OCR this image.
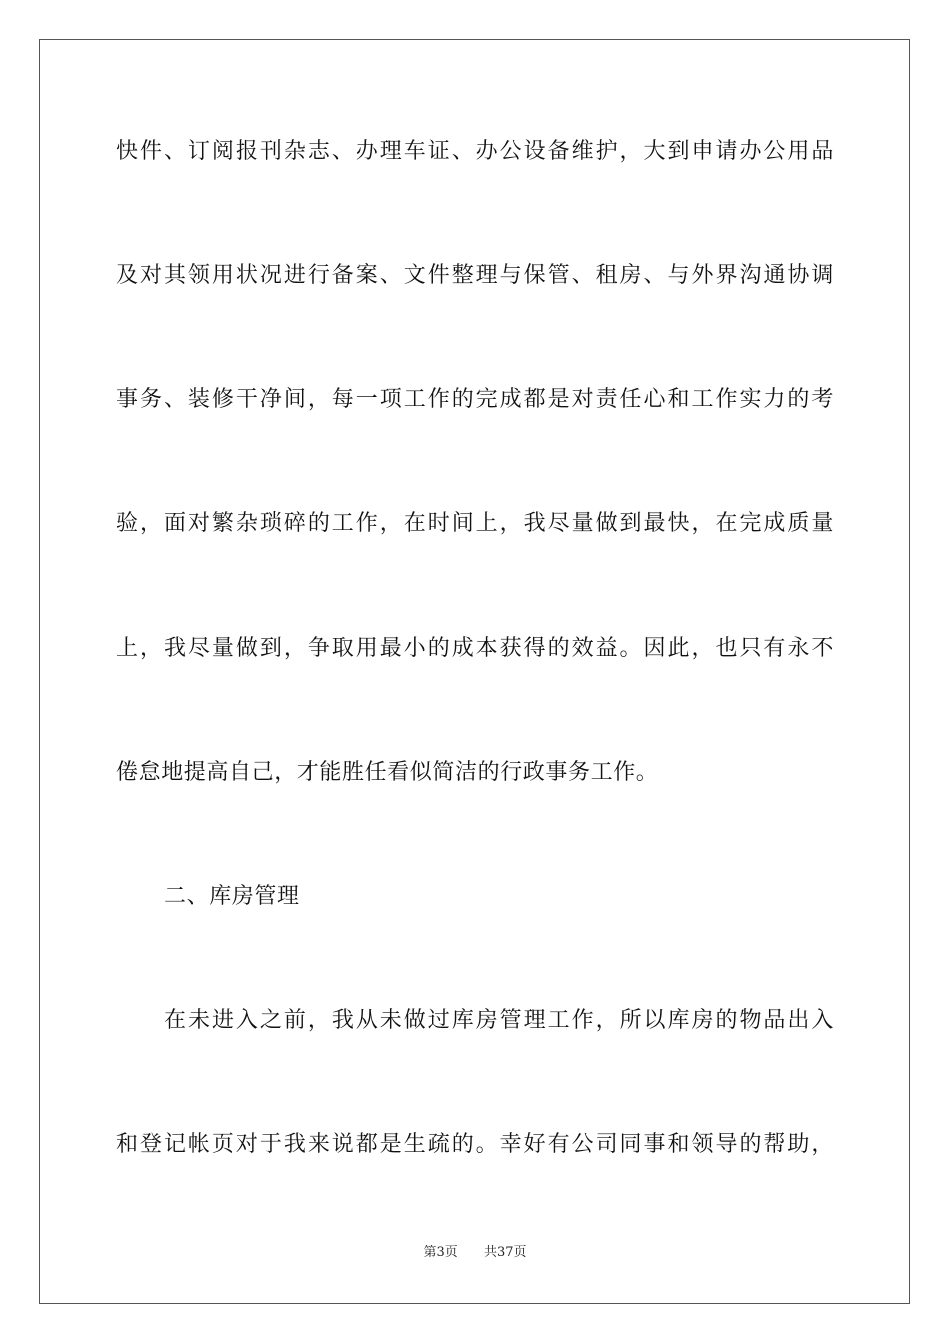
快件、订阅报刊杂志、办理车证、办公设备维护，大到申请办公用品
及对其领用状况进行备案、文件整理与保管、租房、与外界沟通协调
事务、装修干净间，每一项工作的完成都是对责任心和工作实力的考
验，面对繁杂琐碎的工作，在时间上，我尽量做到最快，在完成质量
上，我尽量做到，争取用最小的成本获得的效益。因此，也只有永不
倦怠地提高自己，才能胜任看似简洁的行政事务工作。
二、库房管理
在未进入之前，我从未做过库房管理工作，所以库房的物品出入
和登记帐页对于我来说都是生疏的。幸好有公司同事和领导的帮助，
第3页 共37页
